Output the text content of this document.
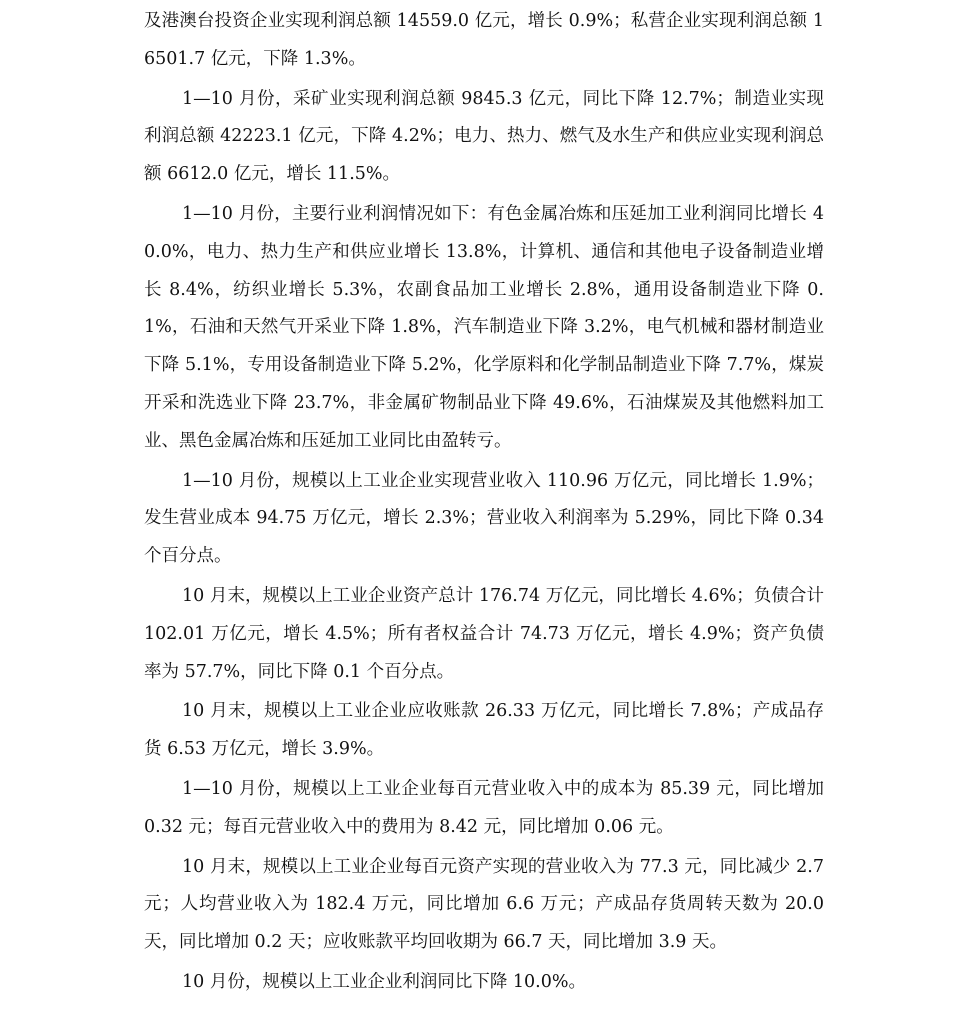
及港澳台投资企业实现利润总额 14559.0 亿元，增长 0.9%；私营企业实现利润总额 16501.7 亿元，下降 1.3%。

1—10 月份，采矿业实现利润总额 9845.3 亿元，同比下降 12.7%；制造业实现利润总额 42223.1 亿元，下降 4.2%；电力、热力、燃气及水生产和供应业实现利润总额 6612.0 亿元，增长 11.5%。

1—10 月份，主要行业利润情况如下：有色金属冶炼和压延加工业利润同比增长 40.0%，电力、热力生产和供应业增长 13.8%，计算机、通信和其他电子设备制造业增长 8.4%，纺织业增长 5.3%，农副食品加工业增长 2.8%，通用设备制造业下降 0.1%，石油和天然气开采业下降 1.8%，汽车制造业下降 3.2%，电气机械和器材制造业下降 5.1%，专用设备制造业下降 5.2%，化学原料和化学制品制造业下降 7.7%，煤炭开采和洗选业下降 23.7%，非金属矿物制品业下降 49.6%，石油煤炭及其他燃料加工业、黑色金属冶炼和压延加工业同比由盈转亏。

1—10 月份，规模以上工业企业实现营业收入 110.96 万亿元，同比增长 1.9%；发生营业成本 94.75 万亿元，增长 2.3%；营业收入利润率为 5.29%，同比下降 0.34 个百分点。

10 月末，规模以上工业企业资产总计 176.74 万亿元，同比增长 4.6%；负债合计 102.01 万亿元，增长 4.5%；所有者权益合计 74.73 万亿元，增长 4.9%；资产负债率为 57.7%，同比下降 0.1 个百分点。

10 月末，规模以上工业企业应收账款 26.33 万亿元，同比增长 7.8%；产成品存货 6.53 万亿元，增长 3.9%。

1—10 月份，规模以上工业企业每百元营业收入中的成本为 85.39 元，同比增加 0.32 元；每百元营业收入中的费用为 8.42 元，同比增加 0.06 元。

10 月末，规模以上工业企业每百元资产实现的营业收入为 77.3 元，同比减少 2.7 元；人均营业收入为 182.4 万元，同比增加 6.6 万元；产成品存货周转天数为 20.0 天，同比增加 0.2 天；应收账款平均回收期为 66.7 天，同比增加 3.9 天。

10 月份，规模以上工业企业利润同比下降 10.0%。
